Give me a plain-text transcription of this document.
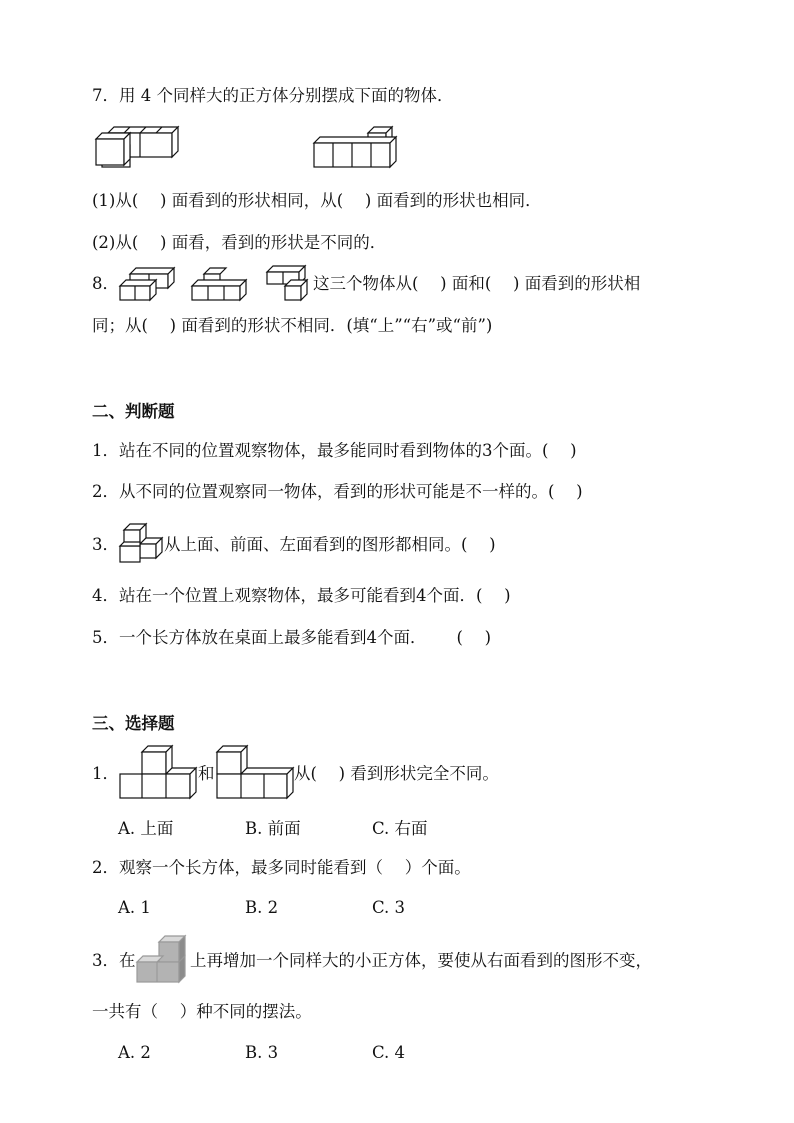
7．用 4 个同样大的正方体分别摆成下面的物体．
(1)从(　 ) 面看到的形状相同，从(　 ) 面看到的形状也相同．
(2)从(　 ) 面看，看到的形状是不同的．
8．	这三个物体从(　 ) 面和(　 ) 面看到的形状相
同；从(　 ) 面看到的形状不相同．(填“上”“右”或“前”)
二、判断题
1．站在不同的位置观察物体，最多能同时看到物体的3个面。(　 )
2．从不同的位置观察同一物体，看到的形状可能是不一样的。(　 )
3．	从上面、前面、左面看到的图形都相同。(　 )
4．站在一个位置上观察物体，最多可能看到4个面．(　 )
5．一个长方体放在桌面上最多能看到4个面．　　 (　 )
三、选择题
1．	和	从(　 ) 看到形状完全不同。
A. 上面	B. 前面	C. 右面
2．观察一个长方体，最多同时能看到（　 ）个面。
A. 1	B. 2	C. 3
3．在	上再增加一个同样大的小正方体，要使从右面看到的图形不变，
一共有（　 ）种不同的摆法。
A. 2	B. 3	C. 4
